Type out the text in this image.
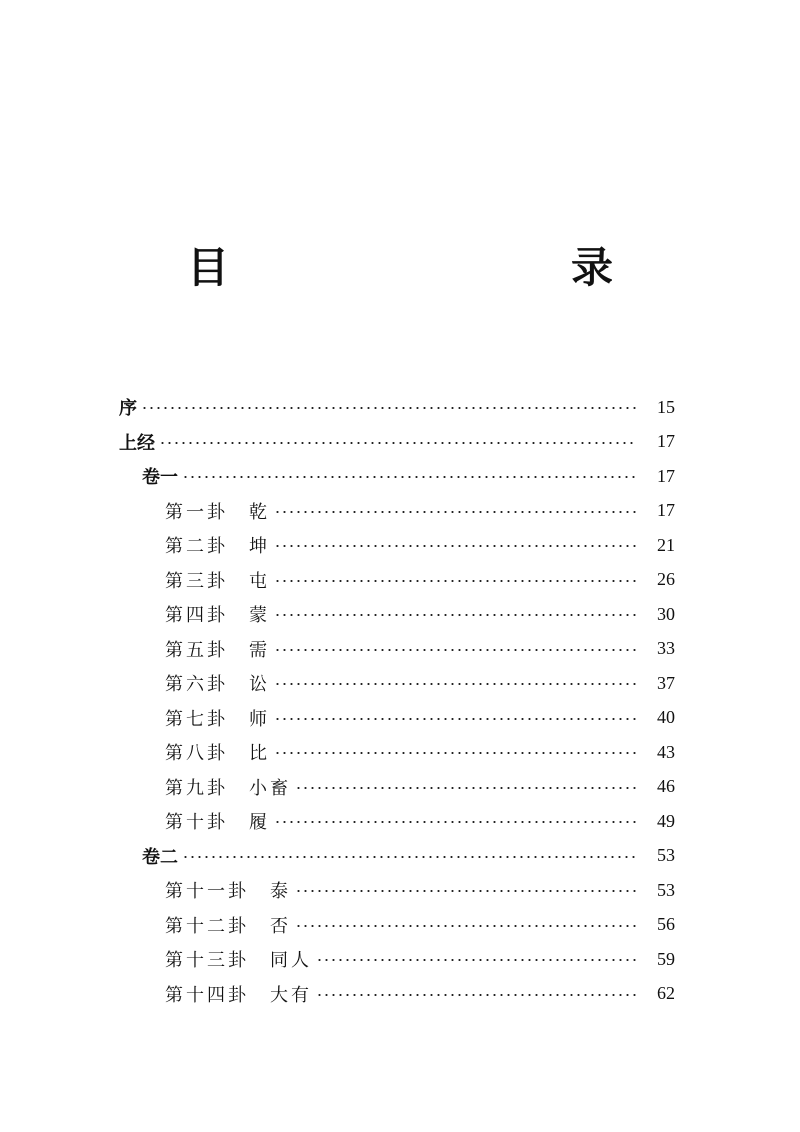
目　　录
序	15
上经	17
卷一	17
第一卦　乾	17
第二卦　坤	21
第三卦　屯	26
第四卦　蒙	30
第五卦　需	33
第六卦　讼	37
第七卦　师	40
第八卦　比	43
第九卦　小畜	46
第十卦　履	49
卷二	53
第十一卦　泰	53
第十二卦　否	56
第十三卦　同人	59
第十四卦　大有	62
